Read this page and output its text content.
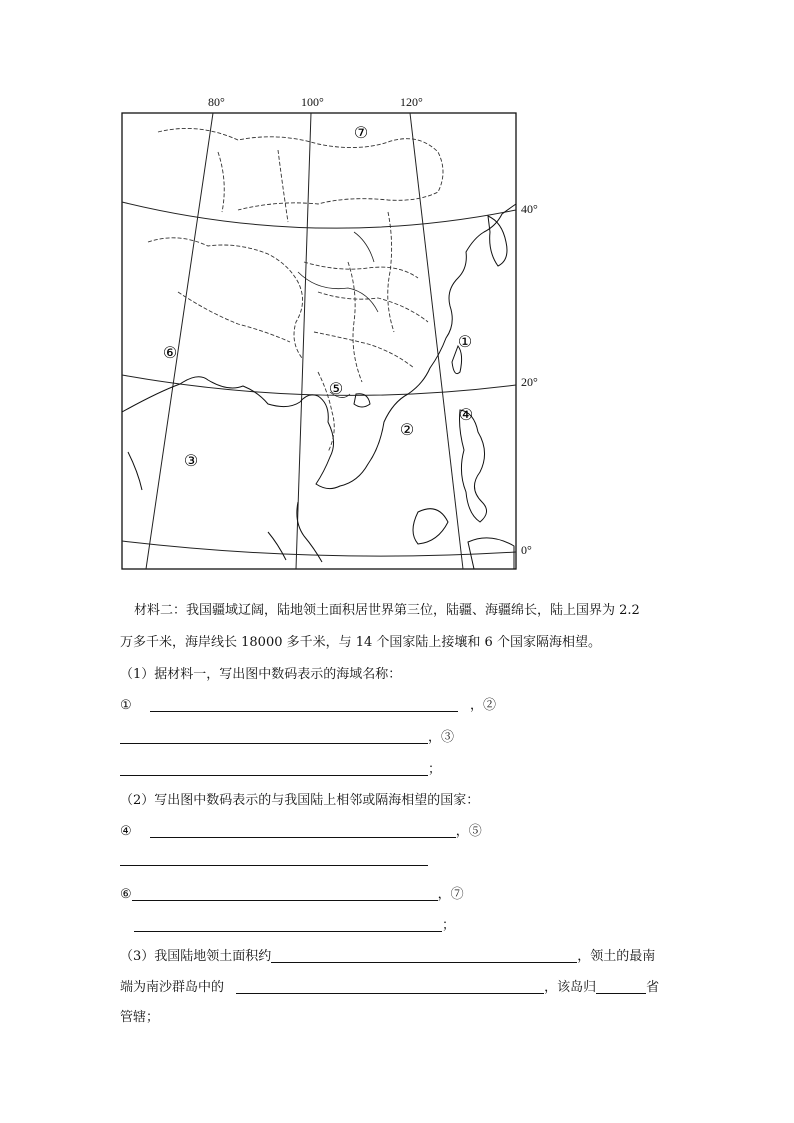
80°	100°	120°
40°
20°
0°
①
②
③
④
⑤
⑥
⑦
材料二：我国疆域辽阔，陆地领土面积居世界第三位，陆疆、海疆绵长，陆上国界为 2.2
万多千米，海岸线长 18000 多千米，与 14 个国家陆上接壤和 6 个国家隔海相望。
（1）据材料一，写出图中数码表示的海域名称：
①	，②
，③
；
（2）写出图中数码表示的与我国陆上相邻或隔海相望的国家：
④	，⑤
⑥	，⑦
；
（3）我国陆地领土面积约	，领土的最南
端为南沙群岛中的	，该岛归	省
管辖；
